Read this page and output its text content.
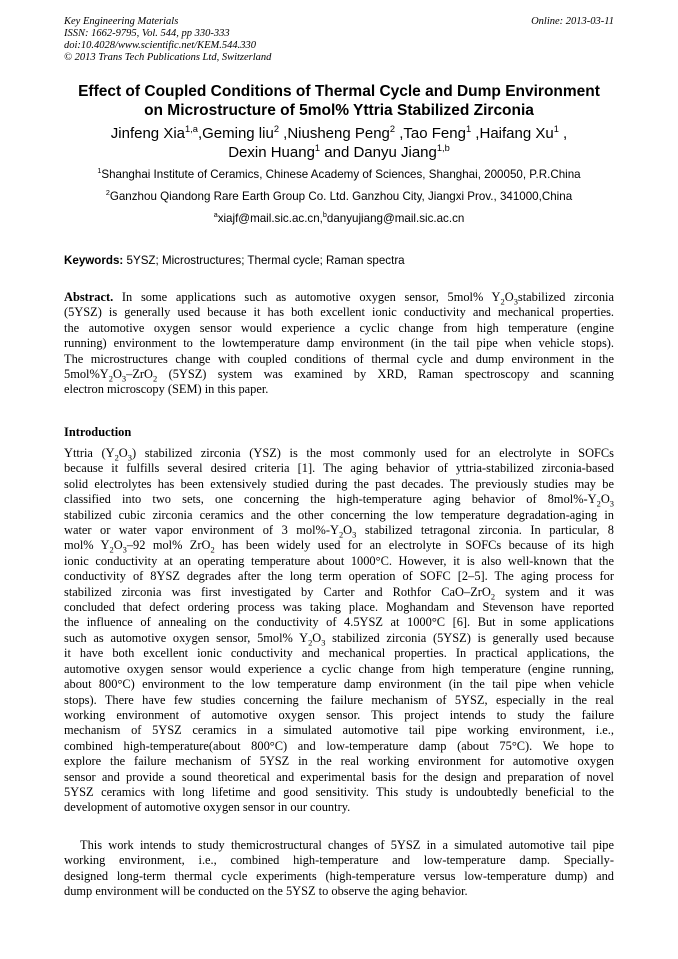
Key Engineering Materials
ISSN: 1662-9795, Vol. 544, pp 330-333
doi:10.4028/www.scientific.net/KEM.544.330
© 2013 Trans Tech Publications Ltd, Switzerland
Online: 2013-03-11
Effect of Coupled Conditions of Thermal Cycle and Dump Environment
on Microstructure of 5mol% Yttria Stabilized Zirconia
Jinfeng Xia$^{1,a}$,Geming liu$^2$ ,Niusheng Peng$^2$ ,Tao Feng$^1$ ,Haifang Xu$^1$ ,
Dexin Huang$^1$ and Danyu Jiang$^{1,b}$
$^1$Shanghai Institute of Ceramics, Chinese Academy of Sciences, Shanghai, 200050, P.R.China
$^2$Ganzhou Qiandong Rare Earth Group Co. Ltd. Ganzhou City, Jiangxi Prov., 341000,China
$^a$xiajf@mail.sic.ac.cn,$^b$danyujiang@mail.sic.ac.cn
Keywords: 5YSZ; Microstructures; Thermal cycle; Raman spectra
Abstract. In some applications such as automotive oxygen sensor, 5mol% $Y_2O_3stabilized$ zirconia
(5YSZ) is generally used because it has both excellent ionic conductivity and mechanical properties.
the automotive oxygen sensor would experience a cyclic change from high temperature (engine
running) environment to the lowtemperature damp environment (in the tail pipe when vehicle stops).
The microstructures change with coupled conditions of thermal cycle and dump environment in the
$5mol\%Y_2O_3-ZrO_2$ (5YSZ) system was examined by XRD, Raman spectroscopy and scanning
electron microscopy (SEM) in this paper.
Introduction
Yttria $(Y_2O_3)$ stabilized zirconia (YSZ) is the most commonly used for an electrolyte in SOFCs
because it fulfills several desired criteria [1]. The aging behavior of yttria-stabilized zirconia-based
solid electrolytes has been extensively studied during the past decades. The previously studies may be
classified into two sets, one concerning the high-temperature aging behavior of $8mol\%-Y_2O_3$
stabilized cubic zirconia ceramics and the other concerning the low temperature degradation-aging in
water or water vapor environment of 3 $mol\%-Y_2O_3$ stabilized tetragonal zirconia. In particular, 8
mol% $Y_2O_3-92$ mol% ZrO$_2$ has been widely used for an electrolyte in SOFCs because of its high
ionic conductivity at an operating temperature about 1000°C. However, it is also well-known that the
conductivity of 8YSZ degrades after the long term operation of SOFC [2–5]. The aging process for
stabilized zirconia was first investigated by Carter and Rothfor CaO–ZrO$_2$ system and it was
concluded that defect ordering process was taking place. Moghandam and Stevenson have reported
the influence of annealing on the conductivity of 4.5YSZ at 1000°C [6]. But in some applications
such as automotive oxygen sensor, 5mol% $Y_2O_3$ stabilized zirconia (5YSZ) is generally used because
it have both excellent ionic conductivity and mechanical properties. In practical applications, the
automotive oxygen sensor would experience a cyclic change from high temperature (engine running,
about 800°C) environment to the low temperature damp environment (in the tail pipe when vehicle
stops). There have few studies concerning the failure mechanism of 5YSZ, especially in the real
working environment of automotive oxygen sensor. This project intends to study the failure
mechanism of 5YSZ ceramics in a simulated automotive tail pipe working environment, i.e.,
combined high-temperature(about 800°C) and low-temperature damp (about 75°C). We hope to
explore the failure mechanism of 5YSZ in the real working environment for automotive oxygen
sensor and provide a sound theoretical and experimental basis for the design and preparation of novel
5YSZ ceramics with long lifetime and good sensitivity. This study is undoubtedly beneficial to the
development of automotive oxygen sensor in our country.
This work intends to study themicrostructural changes of 5YSZ in a simulated automotive tail pipe
working environment, i.e., combined high-temperature and low-temperature damp. Specially-
designed long-term thermal cycle experiments (high-temperature versus low-temperature dump) and
dump environment will be conducted on the 5YSZ to observe the aging behavior.
